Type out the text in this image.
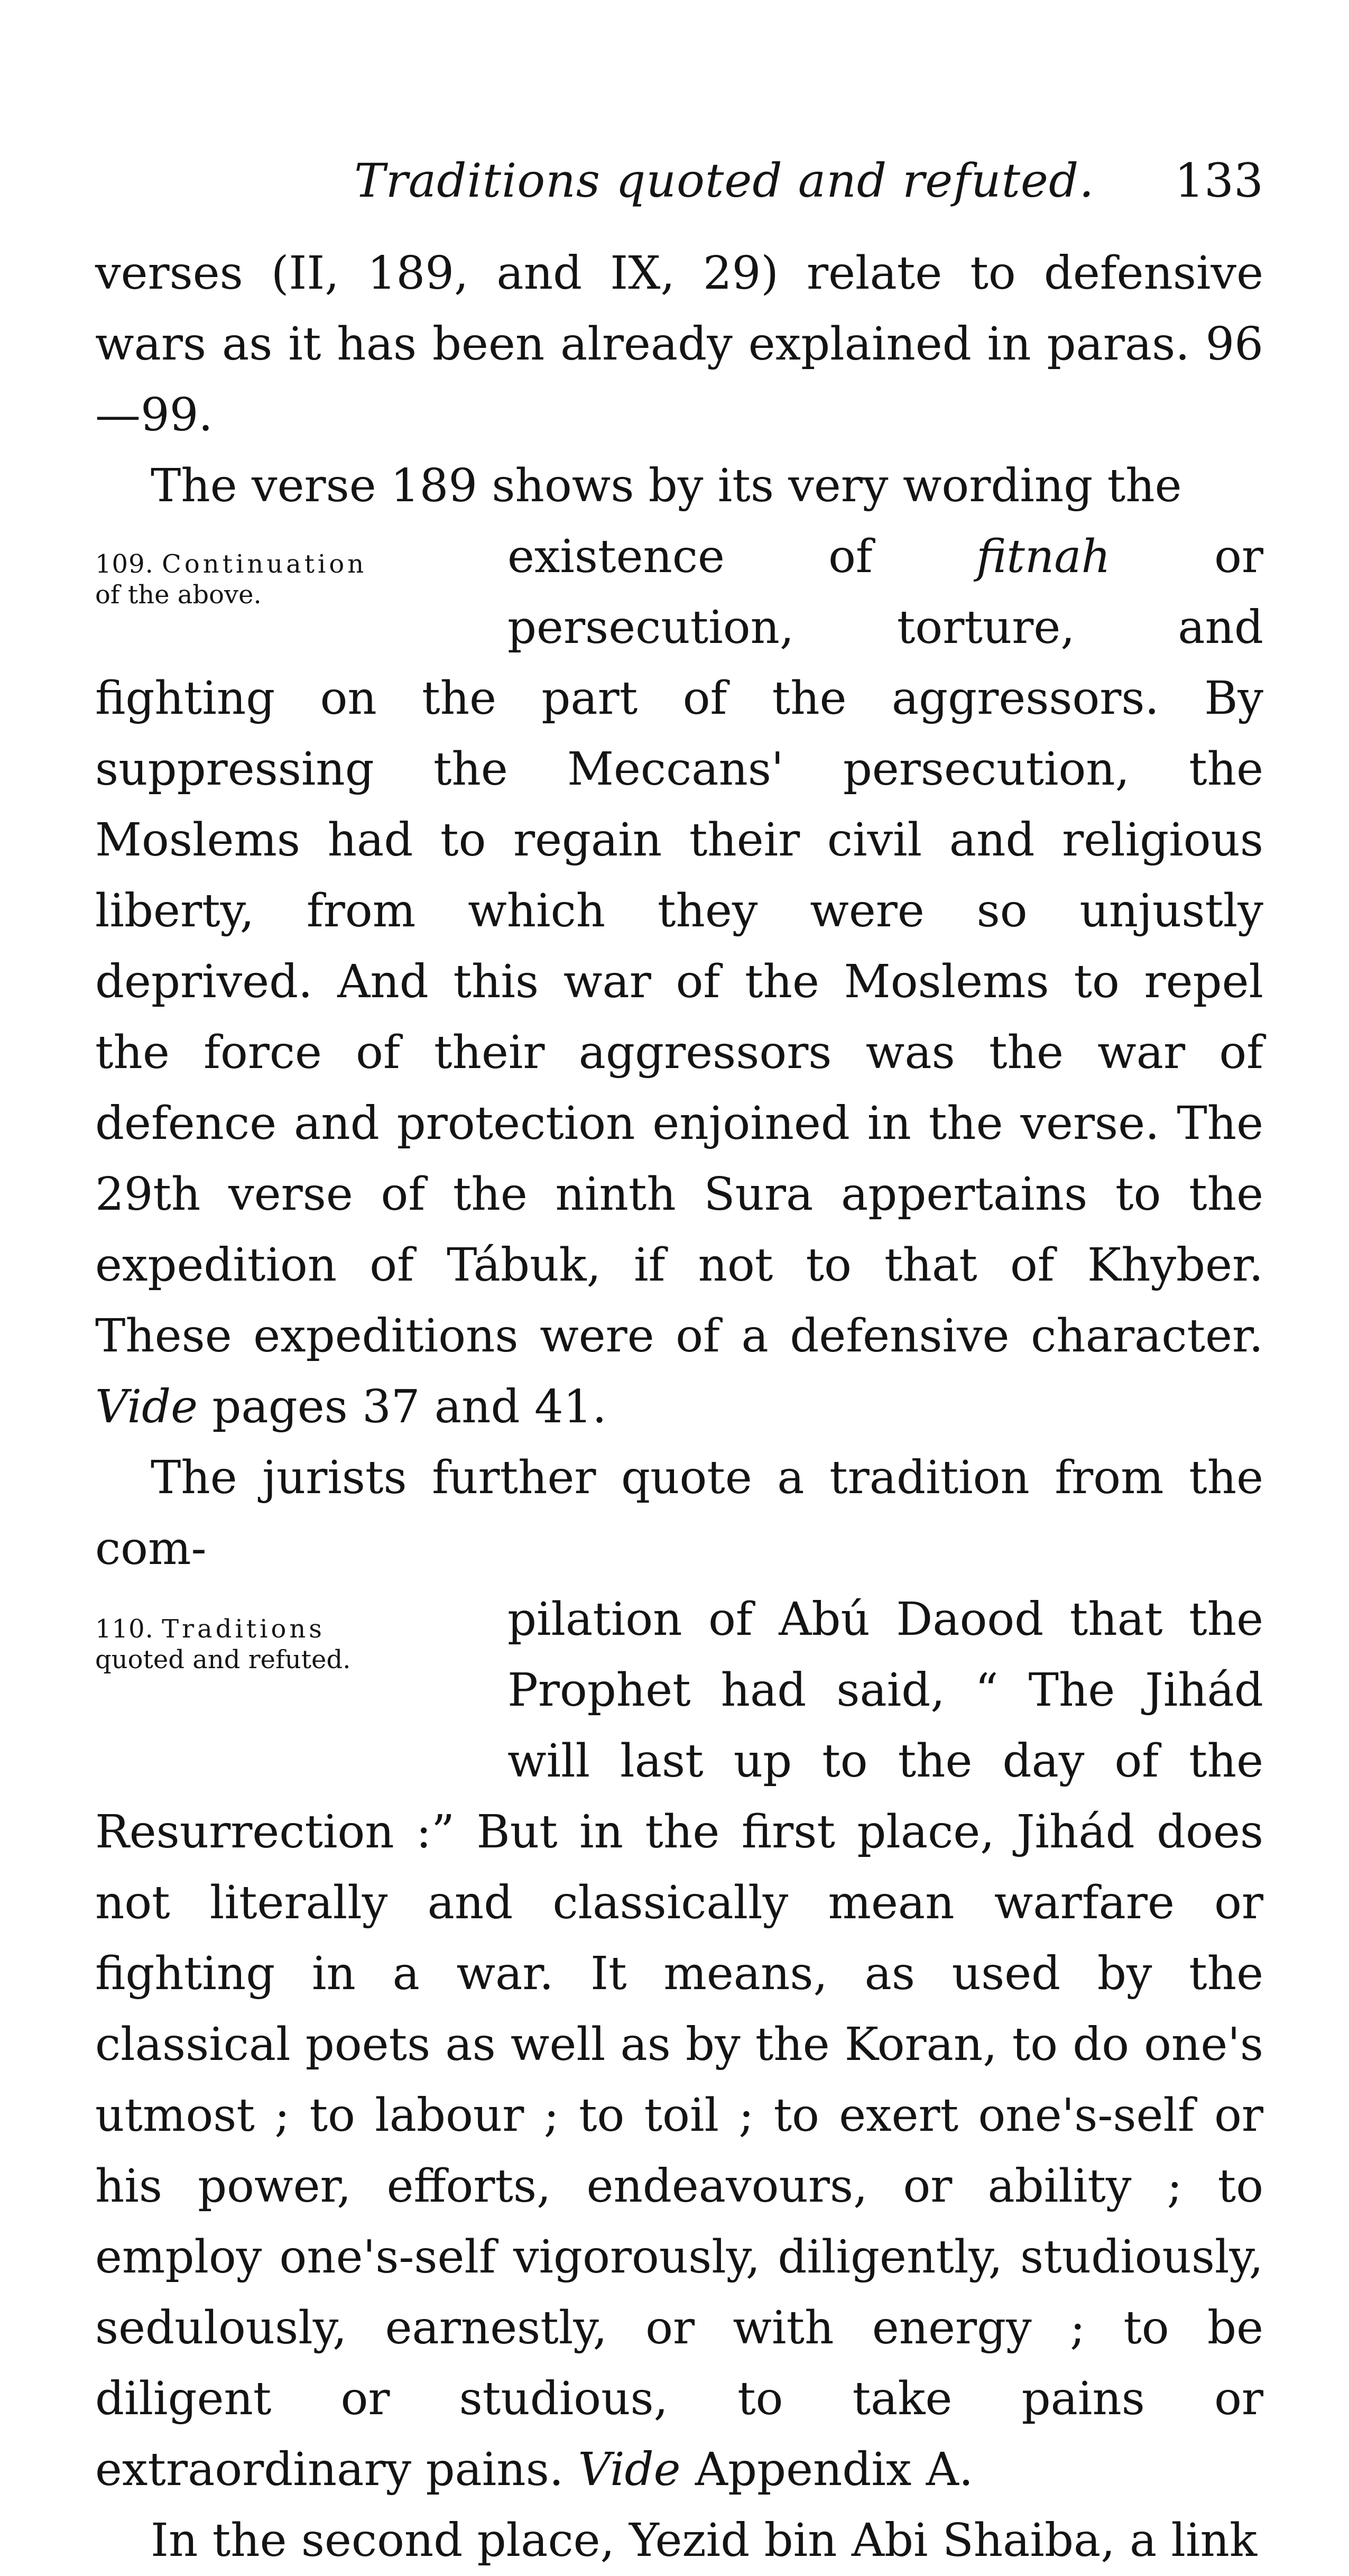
Traditions quoted and refuted. 133

verses (II, 189, and IX, 29) relate to defensive wars as it has been already explained in paras. 96—99.

The verse 189 shows by its very wording the

109. Continuation
of the above.
existence of fitnah or persecution, torture, and fighting on the part of the aggressors. By suppressing the Meccans' persecution, the Moslems had to regain their civil and religious liberty, from which they were so unjustly deprived. And this war of the Moslems to repel the force of their aggressors was the war of defence and protection enjoined in the verse. The 29th verse of the ninth Sura appertains to the expedition of Tábuk, if not to that of Khyber. These expeditions were of a defensive character. Vide pages 37 and 41.

The jurists further quote a tradition from the com-

110. Traditions
quoted and refuted.
pilation of Abú Daood that the Prophet had said, “ The Jihád will last up to the day of the Resurrection :” But in the first place, Jihád does not literally and classically mean warfare or fighting in a war. It means, as used by the classical poets as well as by the Koran, to do one's utmost ; to labour ; to toil ; to exert one's-self or his power, efforts, endeavours, or ability ; to employ one's-self vigorously, diligently, studiously, sedulously, earnestly, or with energy ; to be diligent or studious, to take pains or extraordinary pains. Vide Appendix A.

In the second place, Yezid bin Abi Shaiba, a link
